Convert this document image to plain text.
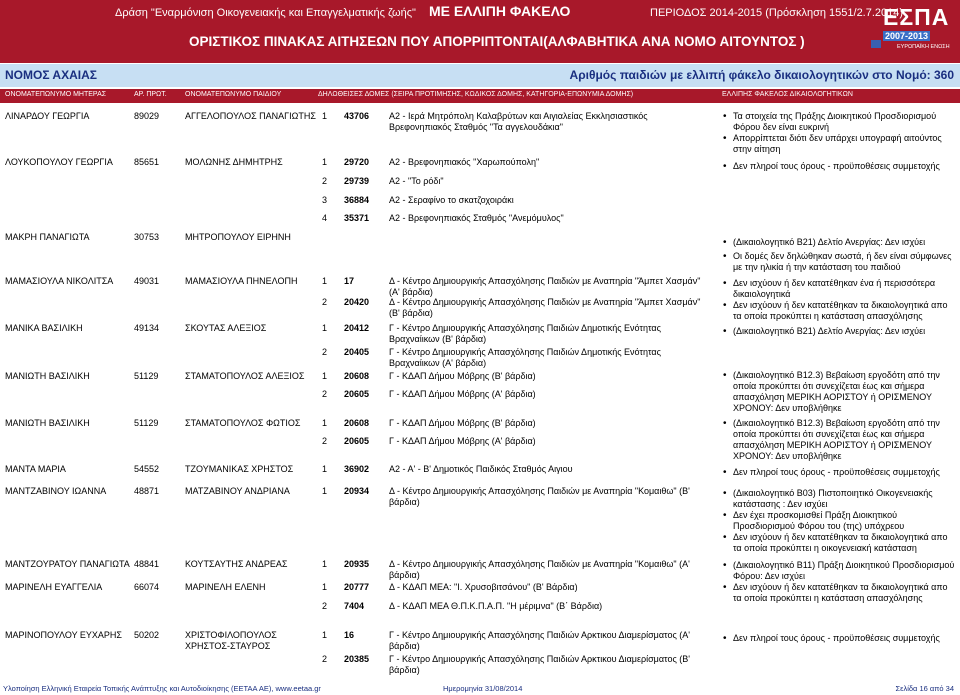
Δράση "Εναρμόνιση Οικογενειακής και Επαγγελματικής ζωής" ΜΕ ΕΛΛΙΠΗ ΦΑΚΕΛΟ	ΠΕΡΙΟΔΟΣ 2014-2015 (Πρόσκληση 1551/2.7.2014)
ΟΡΙΣΤΙΚΟΣ ΠΙΝΑΚΑΣ ΑΙΤΗΣΕΩΝ ΠΟΥ ΑΠΟΡΡΙΠΤΟΝΤΑΙ(ΑΛΦΑΒΗΤΙΚΑ ΑΝΑ ΝΟΜΟ ΑΙΤΟΥΝΤΟΣ )
ΕΣΠΑ
2007-2013
ΕΥΡΩΠΑΪΚΗ ΕΝΩΣΗ
ΝΟΜΟΣ ΑΧΑΙΑΣ	Αριθμός παιδιών με ελλιπή φάκελο δικαιολογητικών στο Νομό: 360
ΟΝΟΜΑΤΕΠΩΝΥΜΟ ΜΗΤΕΡΑΣ	ΑΡ. ΠΡΩΤ.	ΟΝΟΜΑΤΕΠΩΝΥΜΟ ΠΑΙΔΙΟΥ	ΔΗΛΩΘΕΙΣΕΣ ΔΟΜΕΣ (ΣΕΙΡΑ ΠΡΟΤΙΜΗΣΗΣ, ΚΩΔΙΚΟΣ ΔΟΜΗΣ, ΚΑΤΗΓΟΡΙΑ-ΕΠΩΝΥΜΙΑ ΔΟΜΗΣ)	ΕΛΛΙΠΗΣ ΦΑΚΕΛΟΣ ΔΙΚΑΙΟΛΟΓΗΤΙΚΩΝ
ΛΙΝΑΡΔΟΥ ΓΕΩΡΓΙΑ	89029	ΑΓΓΕΛΟΠΟΥΛΟΣ ΠΑΝΑΓΙΩΤΗΣ 1 43706 Α2 - Ιερά Μητρόπολη Καλαβρύτων και Αιγιαλείας Εκκλησιαστικός Βρεφονηπιακός Σταθμός "Τα αγγελουδάκια"
• Τα στοιχεία της Πράξης Διοικητικού Προσδιορισμού Φόρου δεν είναι ευκρινή
• Απορρίπτεται διότι δεν υπάρχει υπογραφή αιτούντος στην αίτηση
ΛΟΥΚΟΠΟΥΛΟΥ ΓΕΩΡΓΙΑ 85651	ΜΟΛΩΝΗΣ ΔΗΜΗΤΡΗΣ	1 29720 Α2 - Βρεφονηπιακός "Χαρωπούπολη"
2 29739 Α2 - "Το ρόδι"
3 36884 Α2 - Σεραφίνο το σκατζοχοιράκι
4 35371 Α2 - Βρεφονηπιακός Σταθμός "Ανεμόμυλος"
• Δεν πληροί τους όρους - προϋποθέσεις συμμετοχής
ΜΑΚΡΗ ΠΑΝΑΓΙΩΤΑ	30753	ΜΗΤΡΟΠΟΥΛΟΥ ΕΙΡΗΝΗ	• (Δικαιολογητικό Β21) Δελτίο Ανεργίας: Δεν ισχύει
• Οι δομές δεν δηλώθηκαν σωστά, ή δεν είναι σύμφωνες με την ηλικία ή την κατάσταση του παιδιού
ΜΑΜΑΣΙΟΥΛΑ ΝΙΚΟΛΙΤΣΑ 49031	ΜΑΜΑΣΙΟΥΛΑ ΠΗΝΕΛΟΠΗ	1 17	Δ - Κέντρο Δημιουργικής Απασχόλησης Παιδιών με Αναπηρία "Άμπετ Χασμάν" (Α' βάρδια)
2 20420 Δ - Κέντρο Δημιουργικής Απασχόλησης Παιδιών με Αναπηρία "Άμπετ Χασμάν" (Β' βάρδια)
• Δεν ισχύουν ή δεν κατατέθηκαν ένα ή περισσότερα δικαιολογητικά
• Δεν ισχύουν ή δεν κατατέθηκαν τα δικαιολογητικά απο τα οποία προκύπτει η κατάσταση απασχόλησης
ΜΑΝΙΚΑ ΒΑΣΙΛΙΚΗ	49134	ΣΚΟΥΤΑΣ ΑΛΕΞΙΟΣ	1 20412 Γ - Κέντρο Δημιουργικής Απασχόλησης Παιδιών Δημοτικής Ενότητας Βραχναίικων (Β' βάρδια)
2 20405 Γ - Κέντρο Δημιουργικής Απασχόλησης Παιδιών Δημοτικής Ενότητας Βραχναίικων (Α' βάρδια)
• (Δικαιολογητικό Β21) Δελτίο Ανεργίας: Δεν ισχύει
ΜΑΝΙΩΤΗ ΒΑΣΙΛΙΚΗ	51129	ΣΤΑΜΑΤΟΠΟΥΛΟΣ ΑΛΕΞΙΟΣ 1 20608 Γ - ΚΔΑΠ Δήμου Μόβρης (Β' βάρδια)
2 20605 Γ - ΚΔΑΠ Δήμου Μόβρης (Α' βάρδια)
• (Δικαιολογητικό Β12.3) Βεβαίωση εργοδότη από την οποία προκύπτει ότι συνεχίζεται έως και σήμερα απασχόληση ΜΕΡΙΚΗ ΑΟΡΙΣΤΟΥ ή ΟΡΙΣΜΕΝΟΥ ΧΡΟΝΟΥ: Δεν υποβλήθηκε
ΜΑΝΙΩΤΗ ΒΑΣΙΛΙΚΗ	51129	ΣΤΑΜΑΤΟΠΟΥΛΟΣ ΦΩΤΙΟΣ 1 20608 Γ - ΚΔΑΠ Δήμου Μόβρης (Β' βάρδια)
2 20605 Γ - ΚΔΑΠ Δήμου Μόβρης (Α' βάρδια)
• (Δικαιολογητικό Β12.3) Βεβαίωση εργοδότη από την οποία προκύπτει ότι συνεχίζεται έως και σήμερα απασχόληση ΜΕΡΙΚΗ ΑΟΡΙΣΤΟΥ ή ΟΡΙΣΜΕΝΟΥ ΧΡΟΝΟΥ: Δεν υποβλήθηκε
ΜΑΝΤΑ ΜΑΡΙΑ	54552	ΤΖΟΥΜΑΝΙΚΑΣ ΧΡΗΣΤΟΣ	1 36902 Α2 - Α' - Β' Δημοτικός Παιδικός Σταθμός Αιγιου	• Δεν πληροί τους όρους - προϋποθέσεις συμμετοχής
ΜΑΝΤΖΑΒΙΝΟΥ ΙΩΑΝΝΑ	48871	ΜΑΤΖΑΒΙΝΟΥ ΑΝΔΡΙΑΝΑ	1 20934 Δ - Κέντρο Δημιουργικής Απασχόλησης Παιδιών με Αναπηρία "Κομαιθω" (Β' βάρδια)
• (Δικαιολογητικό Β03) Πιστοποιητικό Οικογενειακής κατάστασης : Δεν ισχύει
• Δεν έχει προσκομισθεί Πράξη Διοικητικού Προσδιορισμού Φόρου του (της) υπόχρεου
• Δεν ισχύουν ή δεν κατατέθηκαν τα δικαιολογητικά απο τα οποία προκύπτει η οικογενειακή κατάσταση
ΜΑΝΤΖΟΥΡΑΤΟΥ ΠΑΝΑΓΙΩΤΑ 48841	ΚΟΥΤΣΑΥΤΗΣ ΑΝΔΡΕΑΣ	1 20935 Δ - Κέντρο Δημιουργικής Απασχόλησης Παιδιών με Αναπηρία "Κομαιθω" (Α' βάρδια)
• (Δικαιολογητικό Β11) Πράξη Διοικητικού Προσδιορισμού Φόρου: Δεν ισχύει
ΜΑΡΙΝΕΛΗ ΕΥΑΓΓΕΛΙΑ	66074	ΜΑΡΙΝΕΛΗ ΕΛΕΝΗ	1 20777 Δ - ΚΔΑΠ ΜΕΑ: "Ι. Χρυσοβιτσάνου" (Β' Βάρδια)
2 7404	Δ - ΚΔΑΠ ΜΕΑ Θ.Π.Κ.Π.Α.Π. "Η μέριμνα" (Β΄ Βάρδια)
• Δεν ισχύουν ή δεν κατατέθηκαν τα δικαιολογητικά απο τα οποία προκύπτει η κατάσταση απασχόλησης
ΜΑΡΙΝΟΠΟΥΛΟΥ ΕΥΧΑΡΗΣ 50202	ΧΡΙΣΤΟΦΙΛΟΠΟΥΛΟΣ ΧΡΗΣΤΟΣ-ΣΤΑΥΡΟΣ
1 16	Γ - Κέντρο Δημιουργικής Απασχόλησης Παιδιών Αρκτικου Διαμερίσματος (Α' βάρδια)
2 20385 Γ - Κέντρο Δημιουργικής Απασχόλησης Παιδιών Αρκτικου Διαμερίσματος (Β' βάρδια)
• Δεν πληροί τους όρους - προϋποθέσεις συμμετοχής
Υλοποίηση Ελληνική Εταιρεία Τοπικής Ανάπτυξης και Αυτοδιοίκησης (ΕΕΤΑΑ ΑΕ), www.eetaa.gr	Ημερομηνία 31/08/2014	Σελίδα 16 από 34
